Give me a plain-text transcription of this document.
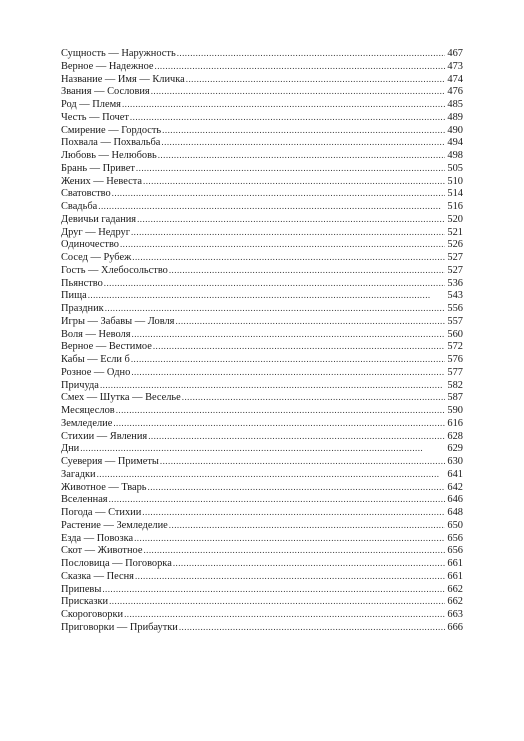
Сущность — Наружность . . .	467
Верное — Надежное . . .	473
Название — Имя — Кличка . . .	474
Звания — Сословия . . .	476
Род — Племя . . .	485
Честь — Почет . . .	489
Смирение — Гордость . . .	490
Похвала — Похвальба . . .	494
Любовь — Нелюбовь . . .	498
Брань — Привет . . .	505
Жених — Невеста . . .	510
Сватовство . . .	514
Свадьба . . .	516
Девичьи гадания . . .	520
Друг — Недруг . . .	521
Одиночество . . .	526
Сосед — Рубеж . . .	527
Гость — Хлебосольство . . .	527
Пьянство . . .	536
Пища . . .	543
Праздник . . .	556
Игры — Забавы — Ловля . . .	557
Воля — Неволя . . .	560
Верное — Вестимое . . .	572
Кабы — Если б . . .	576
Розное — Одно . . .	577
Причуда . . .	582
Смех — Шутка — Веселье . . .	587
Месяцеслов . . .	590
Земледелие . . .	616
Стихии — Явления . . .	628
Дни . . .	629
Суеверия — Приметы . . .	630
Загадки . . .	641
Животное — Тварь . . .	642
Вселенная . . .	646
Погода — Стихии . . .	648
Растение — Земледелие . . .	650
Езда — Повозка . . .	656
Скот — Животное . . .	656
Пословица — Поговорка . . .	661
Сказка — Песня . . .	661
Припевы . . .	662
Присказки . . .	662
Скороговорки . . .	663
Приговорки — Прибаутки . . .	666
